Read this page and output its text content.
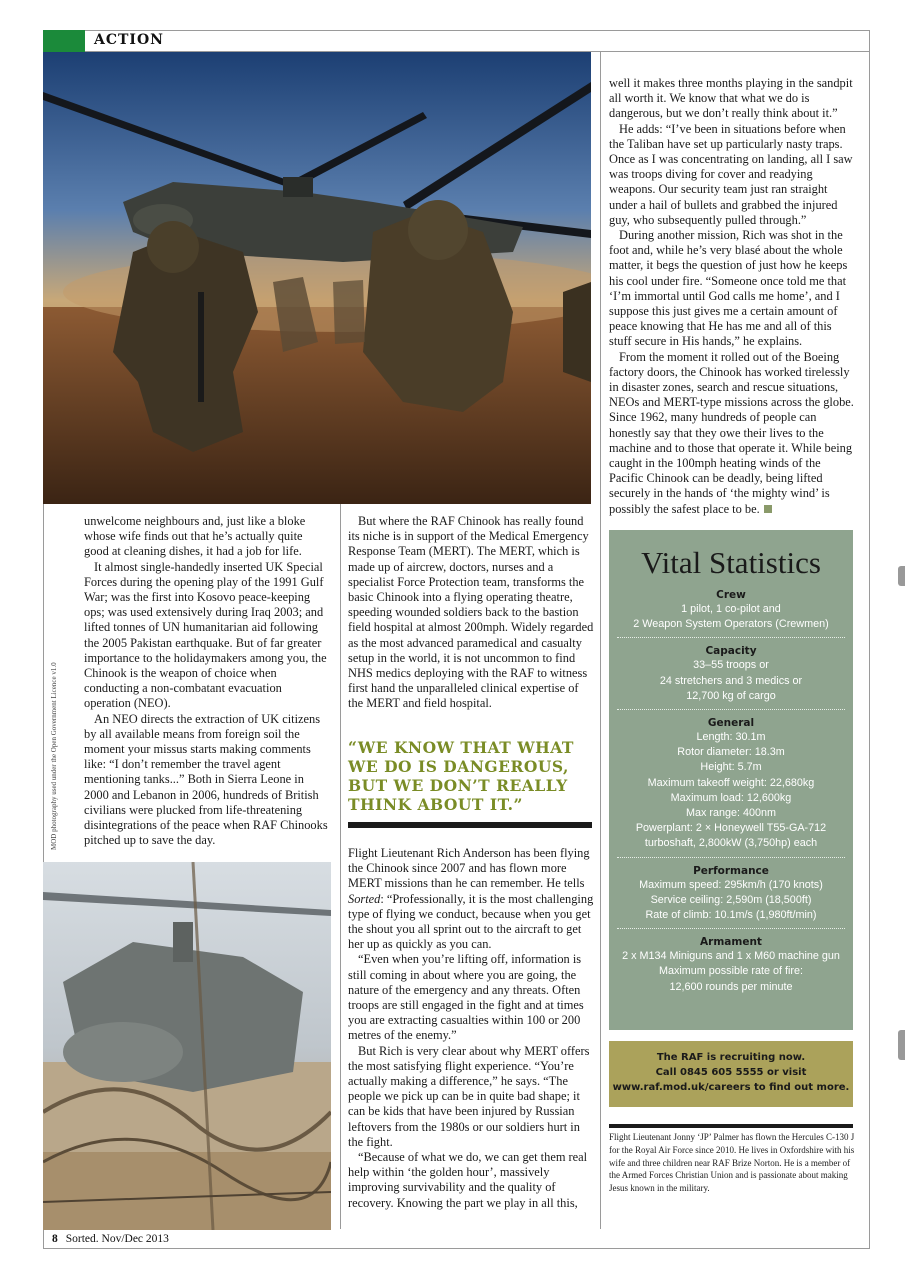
ACTION
MOD photography used under the Open Government Licence v1.0

unwelcome neighbours and, just like a bloke whose wife finds out that he’s actually quite good at cleaning dishes, it had a job for life.

It almost single-handedly inserted UK Special Forces during the opening play of the 1991 Gulf War; was the first into Kosovo peace-keeping ops; was used extensively during Iraq 2003; and lifted tonnes of UN humanitarian aid following the 2005 Pakistan earthquake. But of far greater importance to the holidaymakers among you, the Chinook is the weapon of choice when conducting a non-combatant evacuation operation (NEO).

An NEO directs the extraction of UK citizens by all available means from foreign soil the moment your missus starts making comments like: “I don’t remember the travel agent mentioning tanks...” Both in Sierra Leone in 2000 and Lebanon in 2006, hundreds of British civilians were plucked from life-threatening disintegrations of the peace when RAF Chinooks pitched up to save the day.

But where the RAF Chinook has really found its niche is in support of the Medical Emergency Response Team (MERT). The MERT, which is made up of aircrew, doctors, nurses and a specialist Force Protection team, transforms the basic Chinook into a flying operating theatre, speeding wounded soldiers back to the bastion field hospital at almost 200mph. Widely regarded as the most advanced paramedical and casualty setup in the world, it is not uncommon to find NHS medics deploying with the RAF to witness first hand the unparalleled clinical expertise of the MERT and field hospital.

“WE KNOW THAT WHAT WE DO IS DANGEROUS, BUT WE DON’T REALLY THINK ABOUT IT.”

Flight Lieutenant Rich Anderson has been flying the Chinook since 2007 and has flown more MERT missions than he can remember. He tells Sorted: “Professionally, it is the most challenging type of flying we conduct, because when you get the shout you all sprint out to the aircraft to get her up as quickly as you can.

“Even when you’re lifting off, information is still coming in about where you are going, the nature of the emergency and any threats. Often troops are still engaged in the fight and at times you are extracting casualties within 100 or 200 metres of the enemy.”

But Rich is very clear about why MERT offers the most satisfying flight experience. “You’re actually making a difference,” he says. “The people we pick up can be in quite bad shape; it can be kids that have been injured by Russian leftovers from the 1980s or our soldiers hurt in the fight.

“Because of what we do, we can get them real help within ‘the golden hour’, massively improving survivability and the quality of recovery. Knowing the part we play in all this,

well it makes three months playing in the sandpit all worth it. We know that what we do is dangerous, but we don’t really think about it.”

He adds: “I’ve been in situations before when the Taliban have set up particularly nasty traps. Once as I was concentrating on landing, all I saw was troops diving for cover and readying weapons. Our security team just ran straight under a hail of bullets and grabbed the injured guy, who subsequently pulled through.”

During another mission, Rich was shot in the foot and, while he’s very blasé about the whole matter, it begs the question of just how he keeps his cool under fire. “Someone once told me that ‘I’m immortal until God calls me home’, and I suppose this just gives me a certain amount of peace knowing that He has me and all of this stuff secure in His hands,” he explains.

From the moment it rolled out of the Boeing factory doors, the Chinook has worked tirelessly in disaster zones, search and rescue situations, NEOs and MERT-type missions across the globe. Since 1962, many hundreds of people can honestly say that they owe their lives to the machine and to those that operate it. While being caught in the 100mph heating winds of the Pacific Chinook can be deadly, being lifted securely in the hands of ‘the mighty wind’ is possibly the safest place to be.

Vital Statistics
Crew
1 pilot, 1 co-pilot and
2 Weapon System Operators (Crewmen)
Capacity
33–55 troops or
24 stretchers and 3 medics or
12,700 kg of cargo
General
Length: 30.1m
Rotor diameter: 18.3m
Height: 5.7m
Maximum takeoff weight: 22,680kg
Maximum load: 12,600kg
Max range: 400nm
Powerplant: 2 × Honeywell T55-GA-712
turboshaft, 2,800kW (3,750hp) each
Performance
Maximum speed: 295km/h (170 knots)
Service ceiling: 2,590m (18,500ft)
Rate of climb: 10.1m/s (1,980ft/min)
Armament
2 x M134 Miniguns and 1 x M60 machine gun
Maximum possible rate of fire:
12,600 rounds per minute
The RAF is recruiting now.
Call 0845 605 5555 or visit
www.raf.mod.uk/careers to find out more.
Flight Lieutenant Jonny ‘JP’ Palmer has flown the Hercules C-130 J for the Royal Air Force since 2010. He lives in Oxfordshire with his wife and three children near RAF Brize Norton. He is a member of the Armed Forces Christian Union and is passionate about making Jesus known in the military.
8 Sorted. Nov/Dec 2013
